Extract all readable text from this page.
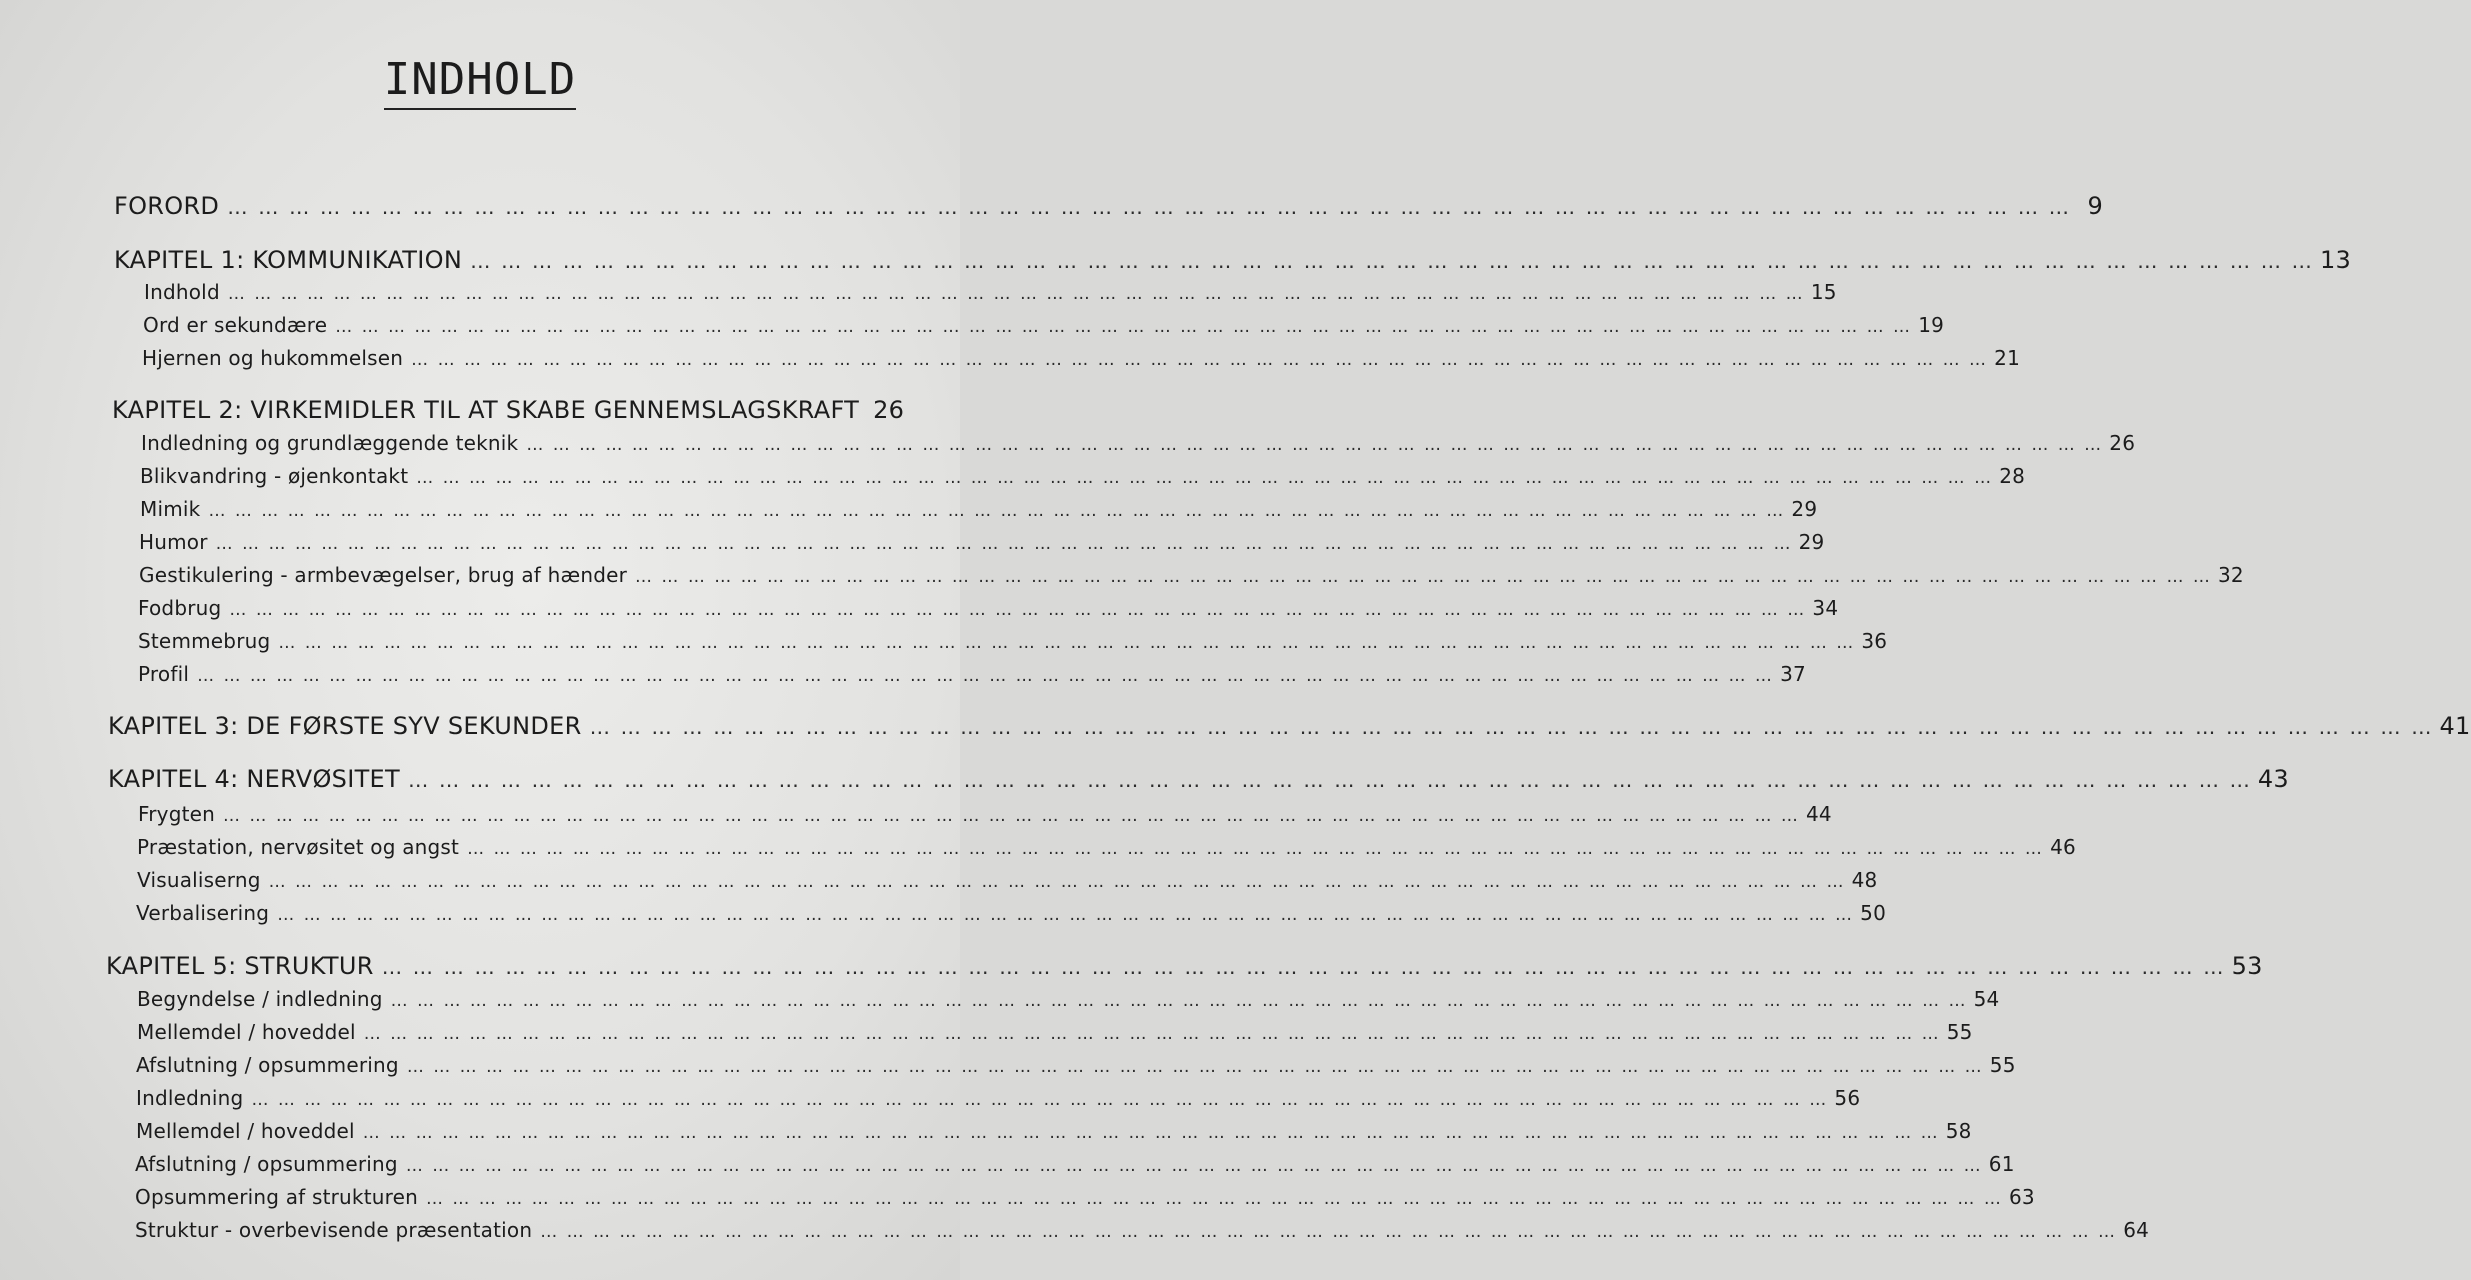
INDHOLD
FORORD … … … … … … … … … … … … … … … … … … … … … … … … … … … … … … … … … … … … … … … … … … … … … … … … … … … … … … … … … … … … 9
KAPITEL 1: KOMMUNIKATION … … … … … … … … … … … … … … … … … … … … … … … … … … … … … … … … … … … … … … … … … … … … … … … … … … … … … … … … … … … … 13
Indhold … … … … … … … … … … … … … … … … … … … … … … … … … … … … … … … … … … … … … … … … … … … … … … … … … … … … … … … … … … … … 15
Ord er sekundære … … … … … … … … … … … … … … … … … … … … … … … … … … … … … … … … … … … … … … … … … … … … … … … … … … … … … … … … … … … … 19
Hjernen og hukommelsen … … … … … … … … … … … … … … … … … … … … … … … … … … … … … … … … … … … … … … … … … … … … … … … … … … … … … … … … … … … … 21
KAPITEL 2: VIRKEMIDLER TIL AT SKABE GENNEMSLAGSKRAFT 26
Indledning og grundlæggende teknik … … … … … … … … … … … … … … … … … … … … … … … … … … … … … … … … … … … … … … … … … … … … … … … … … … … … … … … … … … … … 26
Blikvandring - øjenkontakt … … … … … … … … … … … … … … … … … … … … … … … … … … … … … … … … … … … … … … … … … … … … … … … … … … … … … … … … … … … … 28
Mimik … … … … … … … … … … … … … … … … … … … … … … … … … … … … … … … … … … … … … … … … … … … … … … … … … … … … … … … … … … … … 29
Humor … … … … … … … … … … … … … … … … … … … … … … … … … … … … … … … … … … … … … … … … … … … … … … … … … … … … … … … … … … … … 29
Gestikulering - armbevægelser, brug af hænder … … … … … … … … … … … … … … … … … … … … … … … … … … … … … … … … … … … … … … … … … … … … … … … … … … … … … … … … … … … … 32
Fodbrug … … … … … … … … … … … … … … … … … … … … … … … … … … … … … … … … … … … … … … … … … … … … … … … … … … … … … … … … … … … … 34
Stemmebrug … … … … … … … … … … … … … … … … … … … … … … … … … … … … … … … … … … … … … … … … … … … … … … … … … … … … … … … … … … … … 36
Profil … … … … … … … … … … … … … … … … … … … … … … … … … … … … … … … … … … … … … … … … … … … … … … … … … … … … … … … … … … … … 37
KAPITEL 3: DE FØRSTE SYV SEKUNDER … … … … … … … … … … … … … … … … … … … … … … … … … … … … … … … … … … … … … … … … … … … … … … … … … … … … … … … … … … … … 41
KAPITEL 4: NERVØSITET … … … … … … … … … … … … … … … … … … … … … … … … … … … … … … … … … … … … … … … … … … … … … … … … … … … … … … … … … … … … 43
Frygten … … … … … … … … … … … … … … … … … … … … … … … … … … … … … … … … … … … … … … … … … … … … … … … … … … … … … … … … … … … … 44
Præstation, nervøsitet og angst … … … … … … … … … … … … … … … … … … … … … … … … … … … … … … … … … … … … … … … … … … … … … … … … … … … … … … … … … … … … 46
Visualiserng … … … … … … … … … … … … … … … … … … … … … … … … … … … … … … … … … … … … … … … … … … … … … … … … … … … … … … … … … … … … 48
Verbalisering … … … … … … … … … … … … … … … … … … … … … … … … … … … … … … … … … … … … … … … … … … … … … … … … … … … … … … … … … … … … 50
KAPITEL 5: STRUKTUR … … … … … … … … … … … … … … … … … … … … … … … … … … … … … … … … … … … … … … … … … … … … … … … … … … … … … … … … … … … … 53
Begyndelse / indledning … … … … … … … … … … … … … … … … … … … … … … … … … … … … … … … … … … … … … … … … … … … … … … … … … … … … … … … … … … … … 54
Mellemdel / hoveddel … … … … … … … … … … … … … … … … … … … … … … … … … … … … … … … … … … … … … … … … … … … … … … … … … … … … … … … … … … … … 55
Afslutning / opsummering … … … … … … … … … … … … … … … … … … … … … … … … … … … … … … … … … … … … … … … … … … … … … … … … … … … … … … … … … … … … 55
Indledning … … … … … … … … … … … … … … … … … … … … … … … … … … … … … … … … … … … … … … … … … … … … … … … … … … … … … … … … … … … … 56
Mellemdel / hoveddel … … … … … … … … … … … … … … … … … … … … … … … … … … … … … … … … … … … … … … … … … … … … … … … … … … … … … … … … … … … … 58
Afslutning / opsummering … … … … … … … … … … … … … … … … … … … … … … … … … … … … … … … … … … … … … … … … … … … … … … … … … … … … … … … … … … … … 61
Opsummering af strukturen … … … … … … … … … … … … … … … … … … … … … … … … … … … … … … … … … … … … … … … … … … … … … … … … … … … … … … … … … … … … 63
Struktur - overbevisende præsentation … … … … … … … … … … … … … … … … … … … … … … … … … … … … … … … … … … … … … … … … … … … … … … … … … … … … … … … … … … … … 64
